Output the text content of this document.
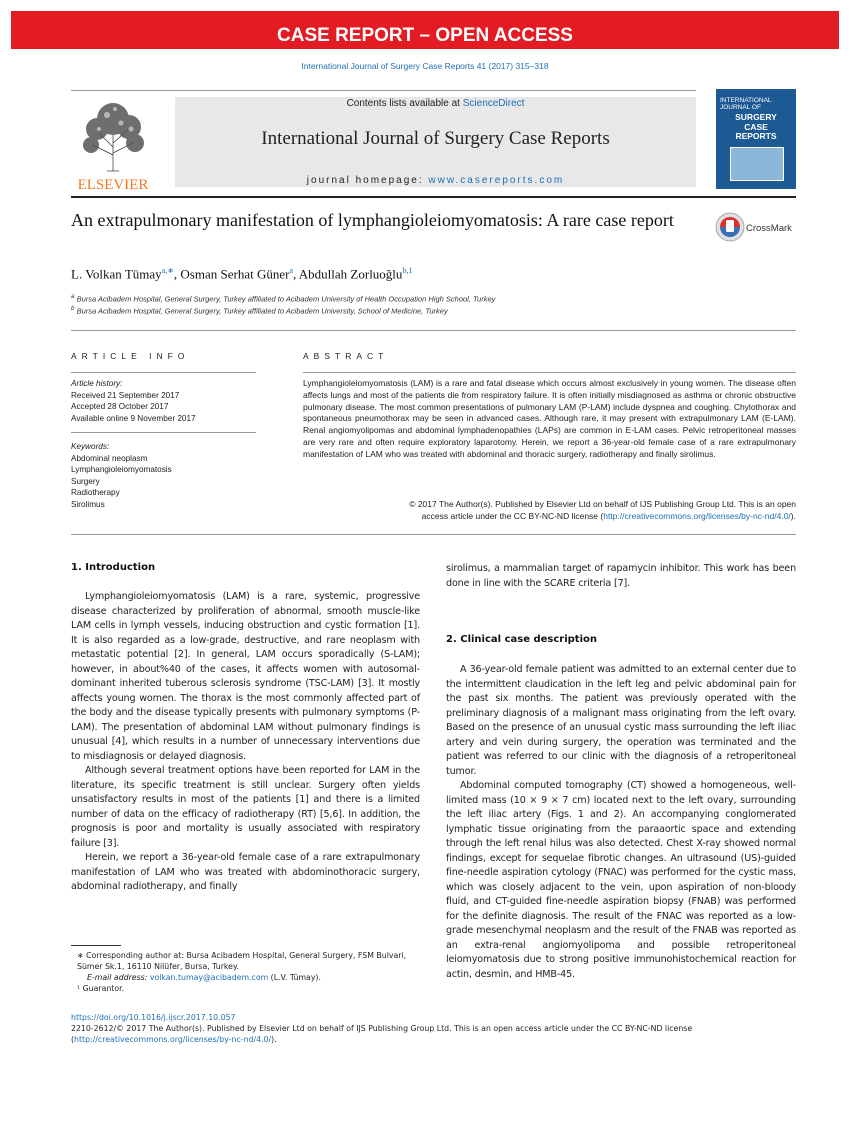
CASE REPORT – OPEN ACCESS
International Journal of Surgery Case Reports 41 (2017) 315–318
ELSEVIER
Contents lists available at ScienceDirect
International Journal of Surgery Case Reports
journal homepage: www.casereports.com
INTERNATIONAL
JOURNAL OF
SURGERY
CASE
REPORTS
An extrapulmonary manifestation of lymphangioleiomyomatosis: A rare case report	CrossMark
L. Volkan Tümay$^{a,∗}$, Osman Serhat Güner$^a$, Abdullah Zorluoğlu$^{b,1}$
$^a$ Bursa Acibadem Hospital, General Surgery, Turkey affiliated to Acibadem University of Health Occupation High School, Turkey
$^b$ Bursa Acibadem Hospital, General Surgery, Turkey affiliated to Acibadem University, School of Medicine, Turkey
ARTICLE INFO
Article history:
Received 21 September 2017
Accepted 28 October 2017
Available online 9 November 2017
Keywords:
Abdominal neoplasm
Lymphangioleiomyomatosis
Surgery
Radiotherapy
Sirolimus
ABSTRACT
Lymphangioleiomyomatosis (LAM) is a rare and fatal disease which occurs almost exclusively in young women. The disease often affects lungs and most of the patients die from respiratory failure. It is often initially misdiagnosed as asthma or chronic obstructive pulmonary disease. The most common presentations of pulmonary LAM (P-LAM) include dyspnea and coughing. Chylothorax and spontaneous pneumothorax may be seen in advanced cases. Although rare, it may present with extrapulmonary LAM (E-LAM). Renal angiomyolipomas and abdominal lymphadenopathies (LAPs) are common in E-LAM cases. Pelvic retroperitoneal masses are very rare and often require exploratory laparotomy. Herein, we report a 36-year-old female case of a rare extrapulmonary manifestation of LAM who was treated with abdominal and thoracic surgery, radiotherapy and finally sirolimus.
© 2017 The Author(s). Published by Elsevier Ltd on behalf of IJS Publishing Group Ltd. This is an open
access article under the CC BY-NC-ND license (http://creativecommons.org/licenses/by-nc-nd/4.0/).
1. Introduction

Lymphangioleiomyomatosis (LAM) is a rare, systemic, progressive disease characterized by proliferation of abnormal, smooth muscle-like LAM cells in lymph vessels, inducing obstruction and cystic formation [1]. It is also regarded as a low-grade, destructive, and rare neoplasm with metastatic potential [2]. In general, LAM occurs sporadically (S-LAM); however, in about%40 of the cases, it affects women with autosomal-dominant inherited tuberous sclerosis syndrome (TSC-LAM) [3]. It mostly affects young women. The thorax is the most commonly affected part of the body and the disease typically presents with pulmonary symptoms (P-LAM). The presentation of abdominal LAM without pulmonary findings is unusual [4], which results in a number of unnecessary interventions due to misdiagnosis or delayed diagnosis.

Although several treatment options have been reported for LAM in the literature, its specific treatment is still unclear. Surgery often yields unsatisfactory results in most of the patients [1] and there is a limited number of data on the efficacy of radiotherapy (RT) [5,6]. In addition, the prognosis is poor and mortality is usually associated with respiratory failure [3].

Herein, we report a 36-year-old female case of a rare extrapulmonary manifestation of LAM who was treated with abdominothoracic surgery, abdominal radiotherapy, and finally

∗ Corresponding author at: Bursa Acibadem Hospital, General Surgery, FSM Bulvari, Sümer Sk.1, 16110 Nilüfer, Bursa, Turkey.
E-mail address: volkan.tumay@acibadem.com (L.V. Tümay).
¹ Guarantor.

sirolimus, a mammalian target of rapamycin inhibitor. This work has been done in line with the SCARE criteria [7].

2. Clinical case description

A 36-year-old female patient was admitted to an external center due to the intermittent claudication in the left leg and pelvic abdominal pain for the past six months. The patient was previously operated with the preliminary diagnosis of a malignant mass originating from the left ovary. Based on the presence of an unusual cystic mass surrounding the left iliac artery and vein during surgery, the operation was terminated and the patient was referred to our clinic with the diagnosis of a retroperitoneal tumor.

Abdominal computed tomography (CT) showed a homogeneous, well-limited mass (10 × 9 × 7 cm) located next to the left ovary, surrounding the left iliac artery (Figs. 1 and 2). An accompanying conglomerated lymphatic tissue originating from the paraaortic space and extending through the left renal hilus was also detected. Chest X-ray showed normal findings, except for sequelae fibrotic changes. An ultrasound (US)-guided fine-needle aspiration cytology (FNAC) was performed for the cystic mass, which was closely adjacent to the vein, upon aspiration of non-bloody fluid, and CT-guided fine-needle aspiration biopsy (FNAB) was performed for the definite diagnosis. The result of the FNAC was reported as a low-grade mesenchymal neoplasm and the result of the FNAB was reported as an extra-renal angiomyolipoma and possible retroperitoneal leiomyomatosis due to strong positive immunohistochemical reaction for actin, desmin, and HMB-45.

https://doi.org/10.1016/j.ijscr.2017.10.057
2210-2612/© 2017 The Author(s). Published by Elsevier Ltd on behalf of IJS Publishing Group Ltd. This is an open access article under the CC BY-NC-ND license (http://creativecommons.org/licenses/by-nc-nd/4.0/).
